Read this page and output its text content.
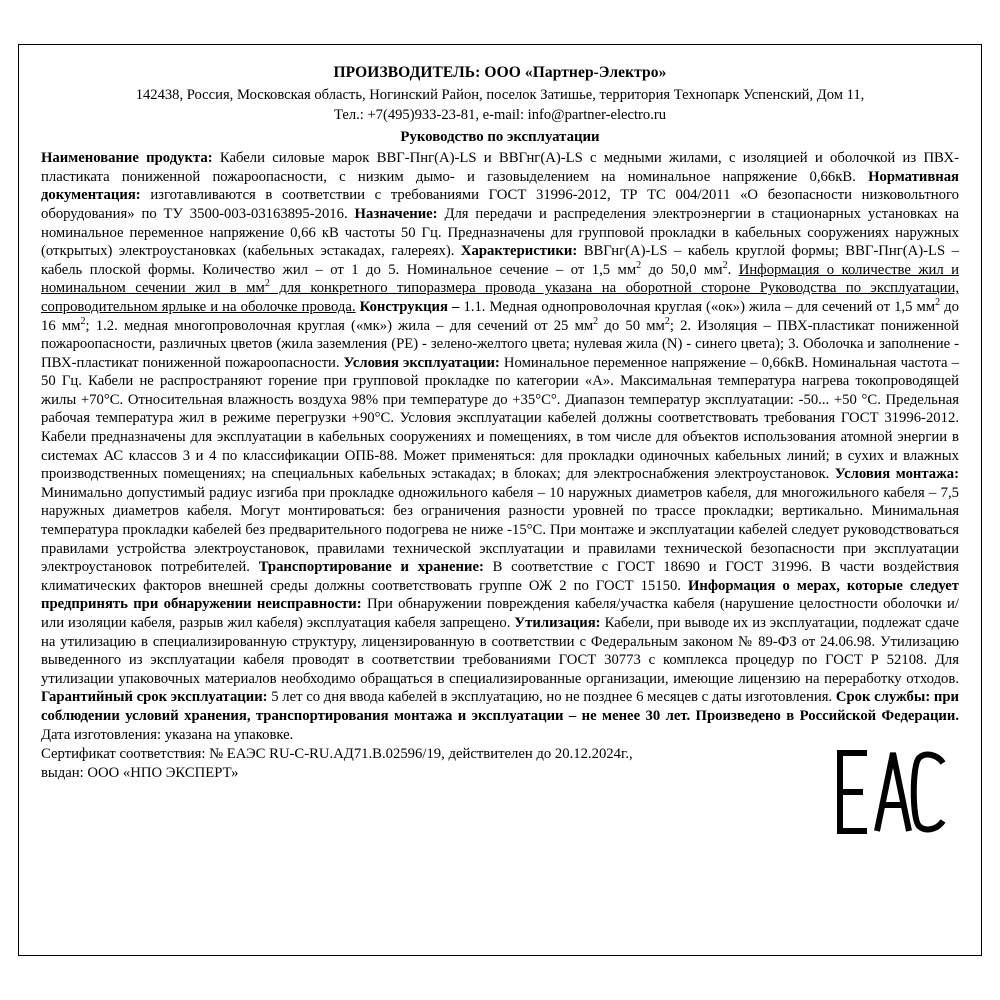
ПРОИЗВОДИТЕЛЬ: ООО «Партнер-Электро»
142438, Россия, Московская область, Ногинский Район, поселок Затишье, территория Технопарк Успенский, Дом 11,
Тел.: +7(495)933-23-81, e-mail: info@partner-electro.ru
Руководство по эксплуатации
Наименование продукта: Кабели силовые марок ВВГ-Пнг(А)-LS и ВВГнг(А)-LS с медными жилами, с изоляцией и оболочкой из ПВХ-пластиката пониженной пожароопасности, с низким дымо- и газовыделением на номинальное напряжение 0,66кВ. Нормативная документация: изготавливаются в соответствии с требованиями ГОСТ 31996-2012, ТР ТС 004/2011 «О безопасности низковольтного оборудования» по ТУ 3500-003-03163895-2016. Назначение: Для передачи и распределения электроэнергии в стационарных установках на номинальное переменное напряжение 0,66 кВ частоты 50 Гц. Предназначены для групповой прокладки в кабельных сооружениях наружных (открытых) электроустановках (кабельных эстакадах, галереях). Характеристики: ВВГнг(А)-LS – кабель круглой формы; ВВГ-Пнг(А)-LS – кабель плоской формы. Количество жил – от 1 до 5. Номинальное сечение – от 1,5 $мм^2$ до 50,0 $мм^2$. Информация о количестве жил и номинальном сечении жил в $мм^2$ для конкретного типоразмера провода указана на оборотной стороне Руководства по эксплуатации, сопроводительном ярлыке и на оболочке провода. Конструкция – 1.1. Медная однопроволочная круглая («ок») жила – для сечений от 1,5 $мм^2$ до 16 $мм^2$; 1.2. медная многопроволочная круглая («мк») жила – для сечений от 25 $мм^2$ до 50 $мм^2$; 2. Изоляция – ПВХ-пластикат пониженной пожароопасности, различных цветов (жила заземления (РЕ) - зелено-желтого цвета; нулевая жила (N) - синего цвета); 3. Оболочка и заполнение - ПВХ-пластикат пониженной пожароопасности. Условия эксплуатации: Номинальное переменное напряжение – 0,66кВ. Номинальная частота – 50 Гц. Кабели не распространяют горение при групповой прокладке по категории «А». Максимальная температура нагрева токопроводящей жилы +70°С. Относительная влажность воздуха 98% при температуре до +35°С°. Диапазон температур эксплуатации: -50... +50 °С. Предельная рабочая температура жил в режиме перегрузки +90°С. Условия эксплуатации кабелей должны соответствовать требования ГОСТ 31996-2012. Кабели предназначены для эксплуатации в кабельных сооружениях и помещениях, в том числе для объектов использования атомной энергии в системах АС классов 3 и 4 по классификации ОПБ-88. Может применяться: для прокладки одиночных кабельных линий; в сухих и влажных производственных помещениях; на специальных кабельных эстакадах; в блоках; для электроснабжения электроустановок. Условия монтажа: Минимально допустимый радиус изгиба при прокладке одножильного кабеля – 10 наружных диаметров кабеля, для многожильного кабеля – 7,5 наружных диаметров кабеля. Могут монтироваться: без ограничения разности уровней по трассе прокладки; вертикально. Минимальная температура прокладки кабелей без предварительного подогрева не ниже -15°С. При монтаже и эксплуатации кабелей следует руководствоваться правилами устройства электроустановок, правилами технической эксплуатации и правилами технической безопасности при эксплуатации электроустановок потребителей. Транспортирование и хранение: В соответствие с ГОСТ 18690 и ГОСТ 31996. В части воздействия климатических факторов внешней среды должны соответствовать группе ОЖ 2 по ГОСТ 15150. Информация о мерах, которые следует предпринять при обнаружении неисправности: При обнаружении повреждения кабеля/участка кабеля (нарушение целостности оболочки и/или изоляции кабеля, разрыв жил кабеля) эксплуатация кабеля запрещено. Утилизация: Кабели, при выводе их из эксплуатации, подлежат сдаче на утилизацию в специализированную структуру, лицензированную в соответствии с Федеральным законом № 89-ФЗ от 24.06.98. Утилизацию выведенного из эксплуатации кабеля проводят в соответствии требованиями ГОСТ 30773 с комплекса процедур по ГОСТ Р 52108. Для утилизации упаковочных материалов необходимо обращаться в специализированные организации, имеющие лицензию на переработку отходов. Гарантийный срок эксплуатации: 5 лет со дня ввода кабелей в эксплуатацию, но не позднее 6 месяцев с даты изготовления. Срок службы: при соблюдении условий хранения, транспортирования монтажа и эксплуатации – не менее 30 лет. Произведено в Российской Федерации. Дата изготовления: указана на упаковке.
Сертификат соответствия: № ЕАЭС RU-C-RU.АД71.В.02596/19, действителен до 20.12.2024г.,
выдан: ООО «НПО ЭКСПЕРТ»
